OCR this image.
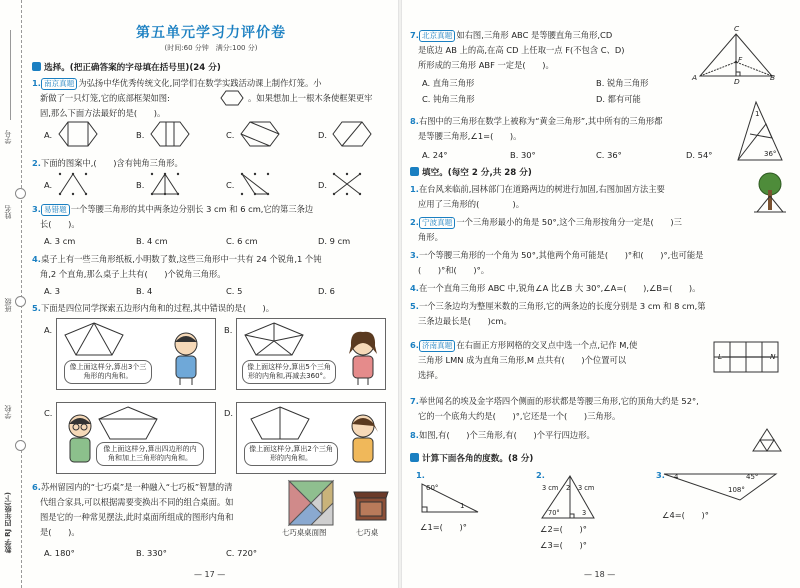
学号
姓名
班级
学校
数学 RJ 四年级(下)
第五单元学习力评价卷
(时间:60 分钟　满分:100 分)
选择。(把正确答案的字母填在括号里)(24 分)
1. 南京真题 为弘扬中华优秀传统文化,同学们在数学实践活动课上制作灯笼。小
新做了一只灯笼,它的底部框架如图:	。如果想加上一根木条使框架更牢
固,那么下面方法最好的是(　　)。
A.	B.	C.	D.
2.下面的图案中,(　　)含有钝角三角形。
A.	B.	C.	D.
3. 易错题 一个等腰三角形的其中两条边分别长 3 cm 和 6 cm,它的第三条边
长(　　)。
A. 3 cm	B. 4 cm	C. 6 cm	D. 9 cm
4.桌子上有一些三角形纸板,小明数了数,这些三角形中一共有 24 个锐角,1 个钝
角,2 个直角,那么桌子上共有(　　)个锐角三角形。
A. 3	B. 4	C. 5	D. 6
5.下面是四位同学探索五边形内角和的过程,其中错误的是(　　)。
A.
像上面这样分,算出3个三角形的内角和。
B.
像上面这样分,算出5个三角形的内角和,再减去360°。
C.
像上面这样分,算出四边形的内角和加上三角形的内角和。
D.
像上面这样分,算出2个三角形的内角和。
6.苏州留园内的“七巧桌”是一种融入“七巧板”智慧的清
代组合家具,可以根据需要变换出不同的组合桌面。如
图是它的一种常见摆法,此时桌面所组成的图形内角和
是(　　)。	七巧桌桌面图	七巧桌
A. 180°	B. 330°	C. 720°
— 17 —
7. 北京真题 如右图,三角形 ABC 是等腰直角三角形,CD
是底边 AB 上的高,在高 CD 上任取一点 F(不包含 C、D)
所形成的三角形 ABF 一定是(　　)。
A. 直角三角形	B. 锐角三角形
C. 钝角三角形	D. 都有可能
C
F
A	B
D
8.右图中的三角形在数学上被称为“黄金三角形”,其中所有的三角形都
是等腰三角形,∠1=(　　)。
A. 24°	B. 30°	C. 36°	D. 54°
1
36°
填空。(每空 2 分,共 28 分)
1.在台风来临前,园林部门在道路两边的树进行加固,右图加固方法主要
应用了三角形的(　　　　)。
2. 宁波真题 一个三角形最小的角是 50°,这个三角形按角分一定是(　　)三
角形。
3.一个等腰三角形的一个角为 50°,其他两个角可能是(　　)°和(　　)°,也可能是
(　　)°和(　　)°。
4.在一个直角三角形 ABC 中,锐角∠A 比∠B 大 30°,∠A=(　　),∠B=(　　)。
5.一个三条边均为整厘米数的三角形,它的两条边的长度分别是 3 cm 和 8 cm,第
三条边最长是(　　)cm。
6. 济南真题 在右面正方形网格的交叉点中选一个点,记作 M,使
三角形 LMN 成为直角三角形,M 点共有(　　)个位置可以
选择。
L	N
7.举世闻名的埃及金字塔四个侧面的形状都是等腰三角形,它的顶角大约是 52°,
它的一个底角大约是(　　)°,它还是一个(　　)三角形。
8.如图,有(　　)个三角形,有(　　)个平行四边形。
计算下面各角的度数。(8 分)
1.
60°
1
∠1=(　　)°
2.
3 cm	3 cm
70°
2
3
∠2=(　　)°
∠3=(　　)°
3. 4	45°
108°
∠4=(　　)°
— 18 —
